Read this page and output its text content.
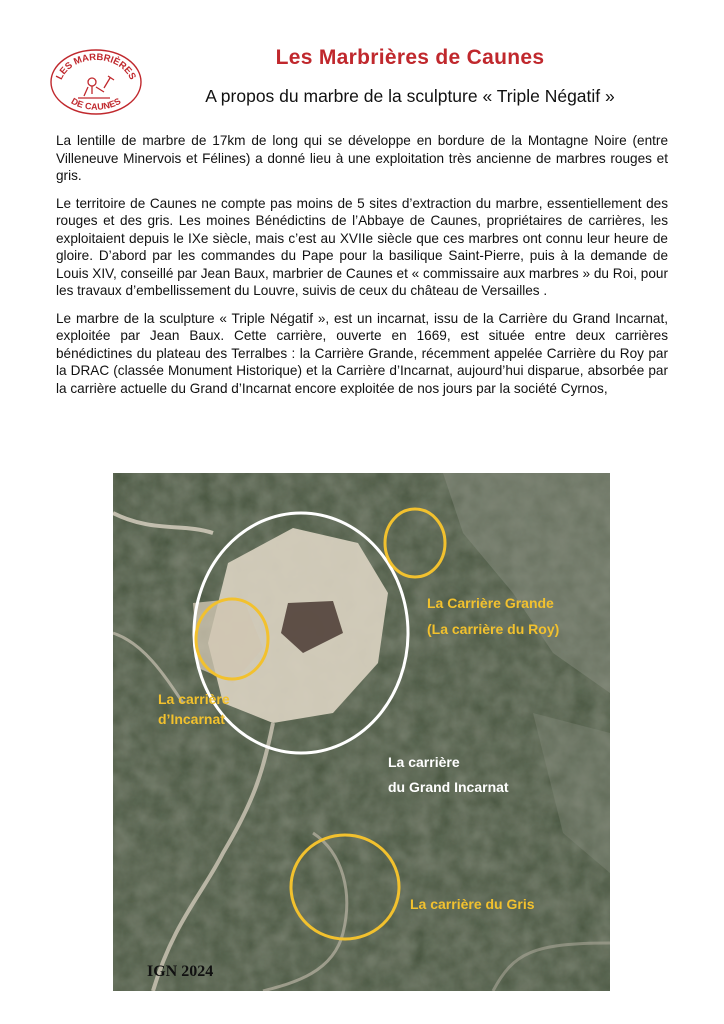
LES MARBRIÈRES
DE CAUNES
Les Marbrières de Caunes
A propos du marbre de la sculpture « Triple Négatif »

La lentille de marbre de 17km de long qui se développe en bordure de la Montagne Noire (entre Villeneuve Minervois et Félines) a donné lieu à une exploitation très ancienne de marbres rouges et gris.

Le territoire de Caunes ne compte pas moins de 5 sites d’extraction du marbre, essentiellement des rouges et des gris. Les moines Bénédictins de l’Abbaye de Caunes, propriétaires de carrières, les exploitaient depuis le IXe siècle, mais c’est au XVIIe siècle que ces marbres ont connu leur heure de gloire. D’abord par les commandes du Pape pour la basilique Saint-Pierre, puis à la demande de Louis XIV, conseillé par Jean Baux, marbrier de Caunes et « commissaire aux marbres » du Roi, pour les travaux d’embellissement du Louvre, suivis de ceux du château de Versailles .

Le marbre de la sculpture « Triple Négatif », est un incarnat, issu de la Carrière du Grand Incarnat, exploitée par Jean Baux. Cette carrière, ouverte en 1669, est située entre deux carrières bénédictines du plateau des Terralbes : la Carrière Grande, récemment appelée Carrière du Roy par la DRAC (classée Monument Historique) et la Carrière d’Incarnat, aujourd’hui disparue, absorbée par la carrière actuelle du Grand d’Incarnat encore exploitée de nos jours par la société Cyrnos,

La Carrière Grande
(La carrière du Roy)
La carrière
d’Incarnat
La carrière
du Grand Incarnat
La carrière du Gris
IGN 2024
